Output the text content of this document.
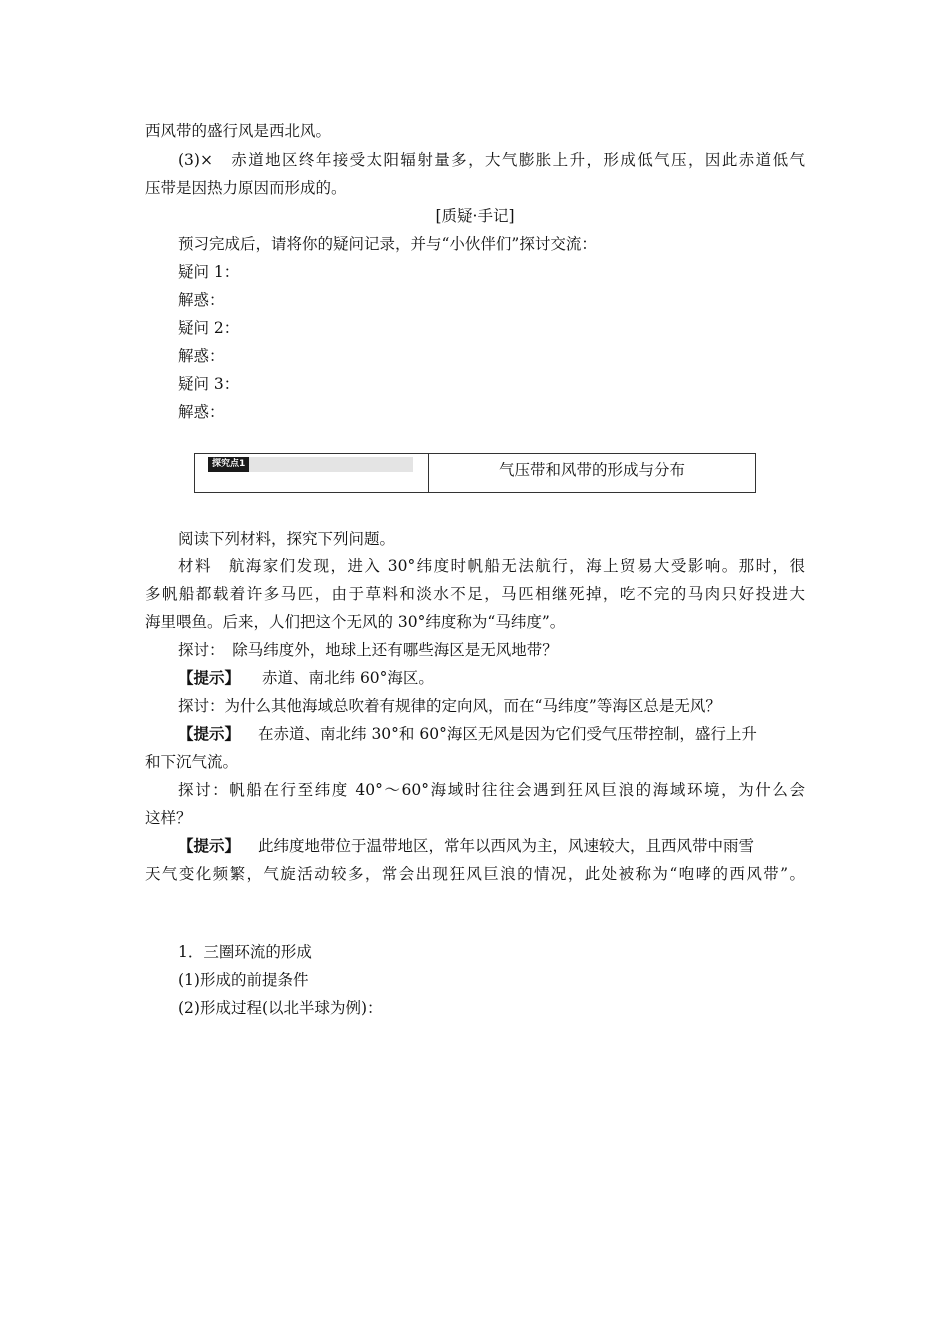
西风带的盛行风是西北风。
(3)×　赤道地区终年接受太阳辐射量多，大气膨胀上升，形成低气压，因此赤道低气
压带是因热力原因而形成的。
[质疑·手记]
预习完成后，请将你的疑问记录，并与“小伙伴们”探讨交流：
疑问 1：
解惑：
疑问 2：
解惑：
疑问 3：
解惑：
探究点1	气压带和风带的形成与分布
阅读下列材料，探究下列问题。
材料　航海家们发现，进入 30°纬度时帆船无法航行，海上贸易大受影响。那时，很
多帆船都载着许多马匹，由于草料和淡水不足，马匹相继死掉，吃不完的马肉只好投进大
海里喂鱼。后来，人们把这个无风的 30°纬度称为“马纬度”。
探讨：　除马纬度外，地球上还有哪些海区是无风地带？
【提示】 赤道、南北纬 60°海区。
探讨：为什么其他海域总吹着有规律的定向风，而在“马纬度”等海区总是无风？
【提示】 在赤道、南北纬 30°和 60°海区无风是因为它们受气压带控制，盛行上升
和下沉气流。
探讨：帆船在行至纬度 40°～60°海域时往往会遇到狂风巨浪的海域环境，为什么会
这样？
【提示】 此纬度地带位于温带地区，常年以西风为主，风速较大，且西风带中雨雪
天气变化频繁，气旋活动较多，常会出现狂风巨浪的情况，此处被称为“咆哮的西风带”。
1．三圈环流的形成
(1)形成的前提条件
(2)形成过程(以北半球为例)：
